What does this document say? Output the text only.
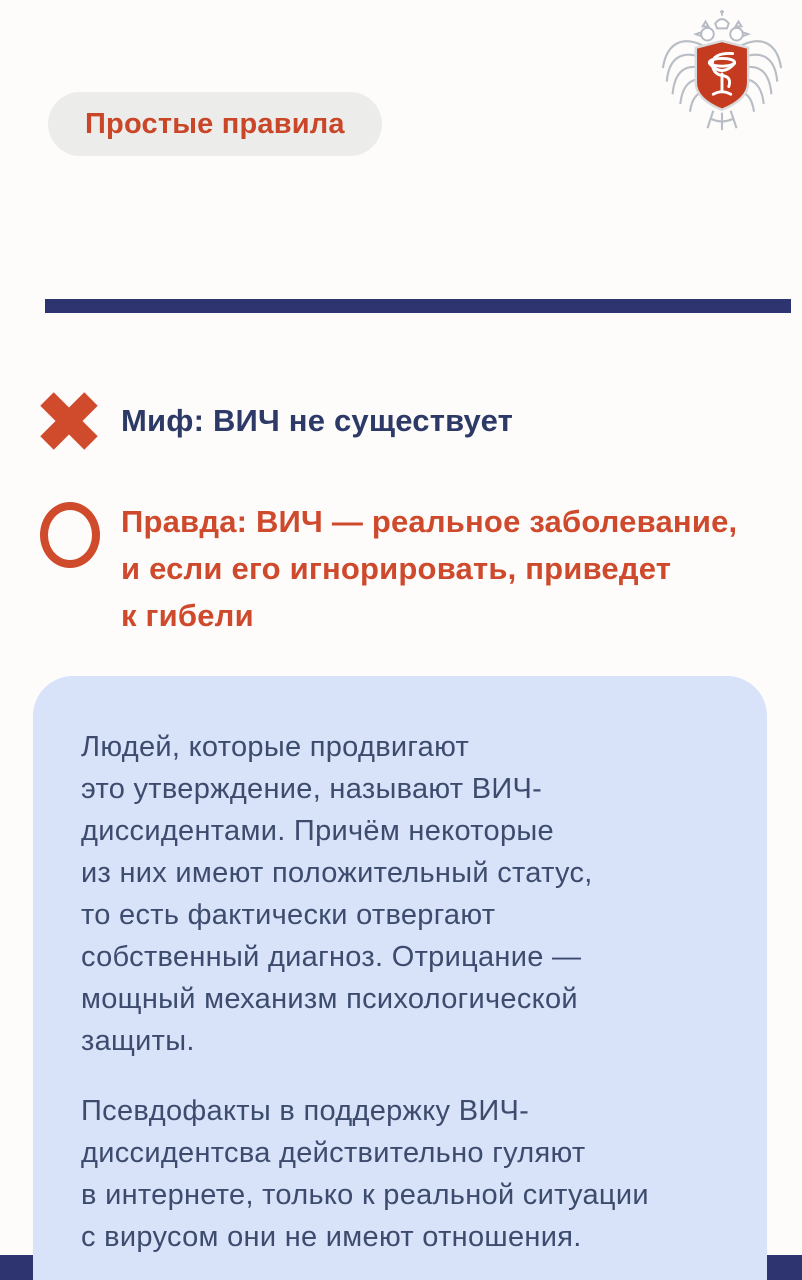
Простые правила
Миф: ВИЧ не существует
Правда: ВИЧ — реальное заболевание,
и если его игнорировать, приведет
к гибели

Людей, которые продвигают
это утверждение, называют ВИЧ-
диссидентами. Причём некоторые
из них имеют положительный статус,
то есть фактически отвергают
собственный диагноз. Отрицание —
мощный механизм психологической
защиты.

Псевдофакты в поддержку ВИЧ-
диссидентсва действительно гуляют
в интернете, только к реальной ситуации
с вирусом они не имеют отношения.
